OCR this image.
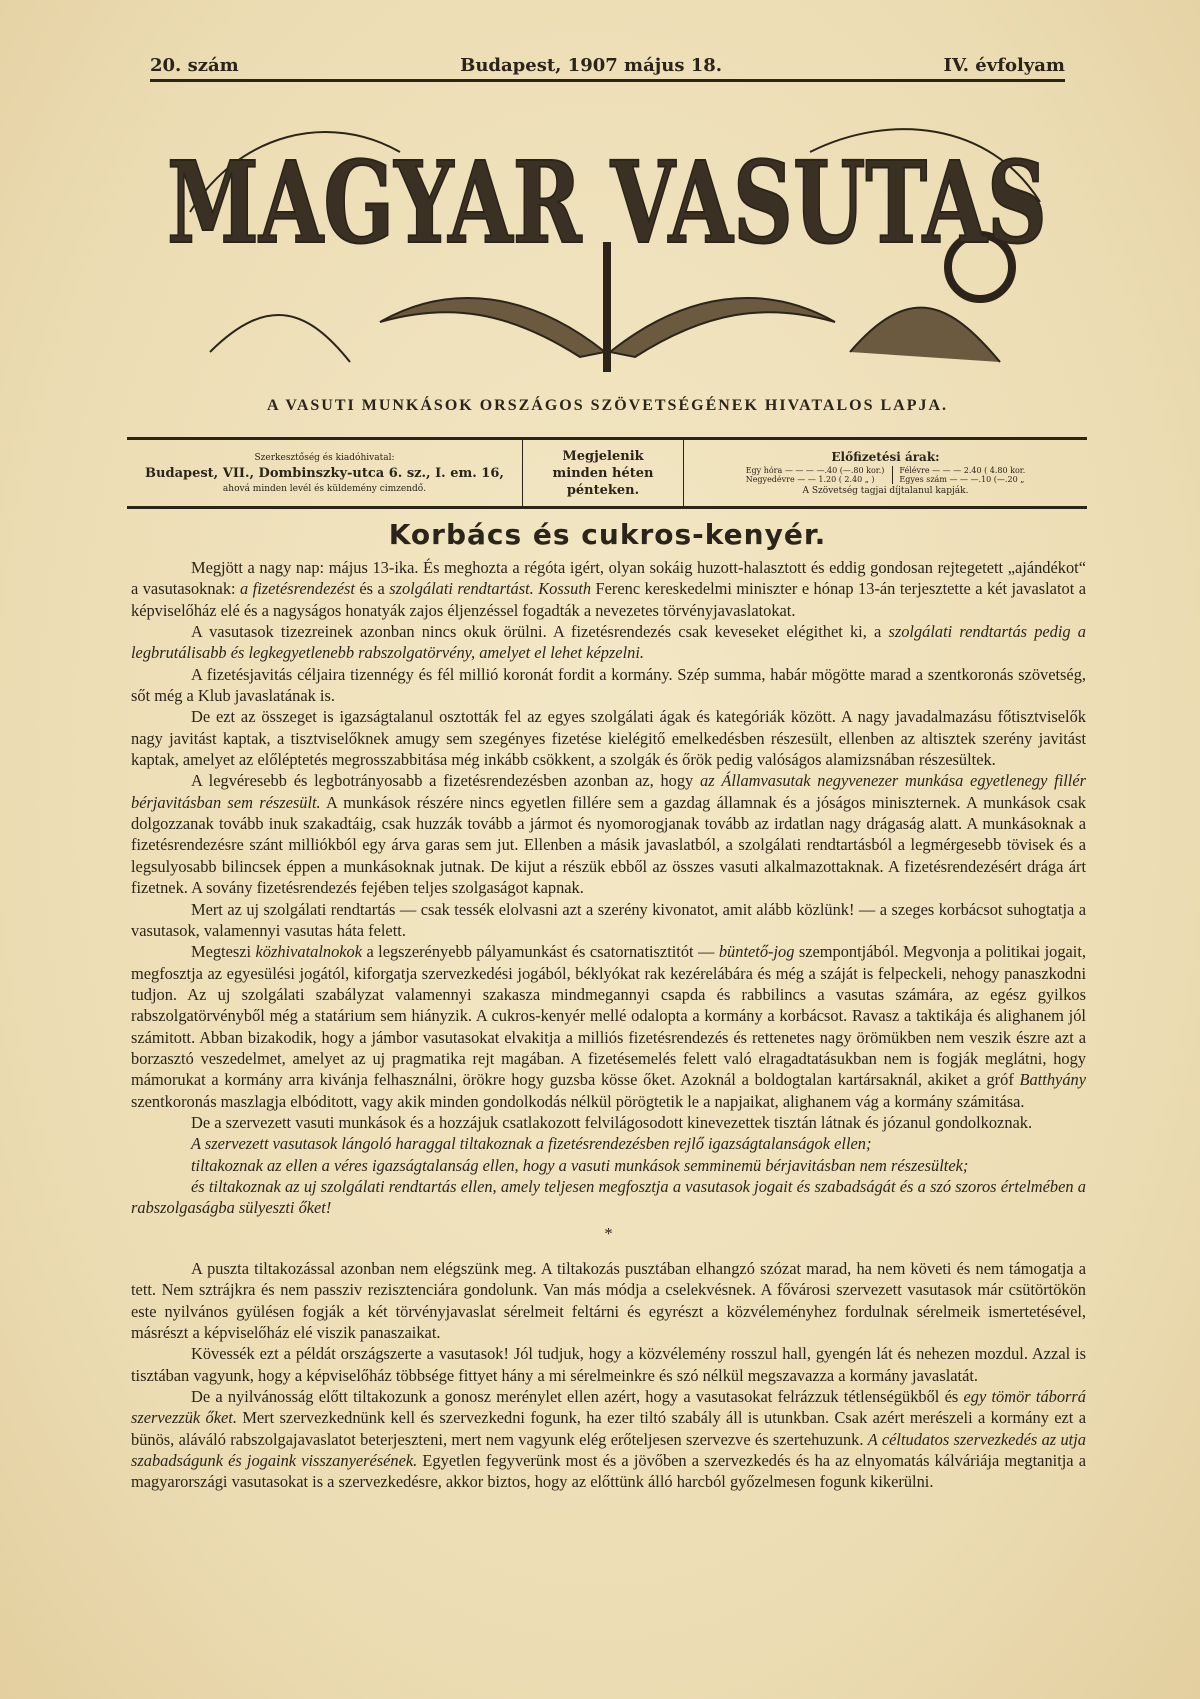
20. szám	Budapest, 1907 május 18.	IV. évfolyam
MAGYAR VASUTAS
A VASUTI MUNKÁSOK ORSZÁGOS SZÖVETSÉGÉNEK HIVATALOS LAPJA.
Szerkesztőség és kiadóhivatal:
Budapest, VII., Dombinszky-utca 6. sz., I. em. 16,
ahová minden levél és küldemény cimzendő.
Megjelenik
minden héten
pénteken.
Előfizetési árak:
Egy hóra — — — —.40 (—.80 kor.)
Negyedévre — — 1.20 ( 2.40 „ )
Félévre — — — 2.40 ( 4.80 kor.
Egyes szám — — —.10 (—.20 „
A Szövetség tagjai díjtalanul kapják.
Korbács és cukros-kenyér.

Megjött a nagy nap: május 13-ika. És meghozta a régóta igért, olyan sokáig huzott-halasztott és eddig gondosan rejtegetett „ajándékot“ a vasutasoknak: a fizetésrendezést és a szolgálati rendtartást. Kossuth Ferenc kereskedelmi miniszter e hónap 13-án terjesztette a két javaslatot a képviselőház elé és a nagyságos honatyák zajos éljenzéssel fogadták a nevezetes törvényjavaslatokat.

A vasutasok tizezreinek azonban nincs okuk örülni. A fizetésrendezés csak keveseket elégithet ki, a szolgálati rendtartás pedig a legbrutálisabb és legkegyetlenebb rabszolgatörvény, amelyet el lehet képzelni.

A fizetésjavitás céljaira tizennégy és fél millió koronát fordit a kormány. Szép summa, habár mögötte marad a szentkoronás szövetség, sőt még a Klub javaslatának is.

De ezt az összeget is igazságtalanul osztották fel az egyes szolgálati ágak és kategóriák között. A nagy javadalmazásu főtisztviselők nagy javitást kaptak, a tisztviselőknek amugy sem szegényes fizetése kielégitő emelkedésben részesült, ellenben az altisztek szerény javitást kaptak, amelyet az előléptetés megrosszabbitása még inkább csökkent, a szolgák és őrök pedig valóságos alamizsnában részesültek.

A legvéresebb és legbotrányosabb a fizetésrendezésben azonban az, hogy az Államvasutak negyvenezer munkása egyetlenegy fillér bérjavitásban sem részesült. A munkások részére nincs egyetlen fillére sem a gazdag államnak és a jóságos miniszternek. A munkások csak dolgozzanak tovább inuk szakadtáig, csak huzzák tovább a jármot és nyomorogjanak tovább az irdatlan nagy drágaság alatt. A munkásoknak a fizetésrendezésre szánt milliókból egy árva garas sem jut. Ellenben a másik javaslatból, a szolgálati rendtartásból a legmérgesebb tövisek és a legsulyosabb bilincsek éppen a munkásoknak jutnak. De kijut a részük ebből az összes vasuti alkalmazottaknak. A fizetésrendezésért drága árt fizetnek. A sovány fizetésrendezés fejében teljes szolgaságot kapnak.

Mert az uj szolgálati rendtartás — csak tessék elolvasni azt a szerény kivonatot, amit alább közlünk! — a szeges korbácsot suhogtatja a vasutasok, valamennyi vasutas háta felett.

Megteszi közhivatalnokok a legszerényebb pályamunkást és csatornatisztitót — büntető-jog szempontjából. Megvonja a politikai jogait, megfosztja az egyesülési jogától, kiforgatja szervezkedési jogából, béklyókat rak kezérelábára és még a száját is felpeckeli, nehogy panaszkodni tudjon. Az uj szolgálati szabályzat valamennyi szakasza mindmegannyi csapda és rabbilincs a vasutas számára, az egész gyilkos rabszolgatörvényből még a statárium sem hiányzik. A cukros-kenyér mellé odalopta a kormány a korbácsot. Ravasz a taktikája és alighanem jól számitott. Abban bizakodik, hogy a jámbor vasutasokat elvakitja a milliós fizetésrendezés és rettenetes nagy örömükben nem veszik észre azt a borzasztó veszedelmet, amelyet az uj pragmatika rejt magában. A fizetésemelés felett való elragadtatásukban nem is fogják meglátni, hogy mámorukat a kormány arra kivánja felhasználni, örökre hogy guzsba kösse őket. Azoknál a boldogtalan kartársaknál, akiket a gróf Batthyány szentkoronás maszlagja elbóditott, vagy akik minden gondolkodás nélkül pörögtetik le a napjaikat, alighanem vág a kormány számitása.

De a szervezett vasuti munkások és a hozzájuk csatlakozott felvilágosodott kinevezettek tisztán látnak és józanul gondolkoznak.

A szervezett vasutasok lángoló haraggal tiltakoznak a fizetésrendezésben rejlő igazságtalanságok ellen;

tiltakoznak az ellen a véres igazságtalanság ellen, hogy a vasuti munkások semminemü bérjavitásban nem részesültek;

és tiltakoznak az uj szolgálati rendtartás ellen, amely teljesen megfosztja a vasutasok jogait és szabadságát és a szó szoros értelmében a rabszolgaságba sülyeszti őket!

*

A puszta tiltakozással azonban nem elégszünk meg. A tiltakozás pusztában elhangzó szózat marad, ha nem követi és nem támogatja a tett. Nem sztrájkra és nem passziv rezisztenciára gondolunk. Van más módja a cselekvésnek. A fővárosi szervezett vasutasok már csütörtökön este nyilvános gyülésen fogják a két törvényjavaslat sérelmeit feltárni és egyrészt a közvéleményhez fordulnak sérelmeik ismertetésével, másrészt a képviselőház elé viszik panaszaikat.

Kövessék ezt a példát országszerte a vasutasok! Jól tudjuk, hogy a közvélemény rosszul hall, gyengén lát és nehezen mozdul. Azzal is tisztában vagyunk, hogy a képviselőház többsége fittyet hány a mi sérelmeinkre és szó nélkül megszavazza a kormány javaslatát.

De a nyilvánosság előtt tiltakozunk a gonosz merénylet ellen azért, hogy a vasutasokat felrázzuk tétlenségükből és egy tömör táborrá szervezzük őket. Mert szervezkednünk kell és szervezkedni fogunk, ha ezer tiltó szabály áll is utunkban. Csak azért merészeli a kormány ezt a bünös, aláváló rabszolgajavaslatot beterjeszteni, mert nem vagyunk elég erőteljesen szervezve és szertehuzunk. A céltudatos szervezkedés az utja szabadságunk és jogaink visszanyerésének. Egyetlen fegyverünk most és a jövőben a szervezkedés és ha az elnyomatás kálváriája megtanitja a magyarországi vasutasokat is a szervezkedésre, akkor biztos, hogy az előttünk álló harcból győzelmesen fogunk kikerülni.
